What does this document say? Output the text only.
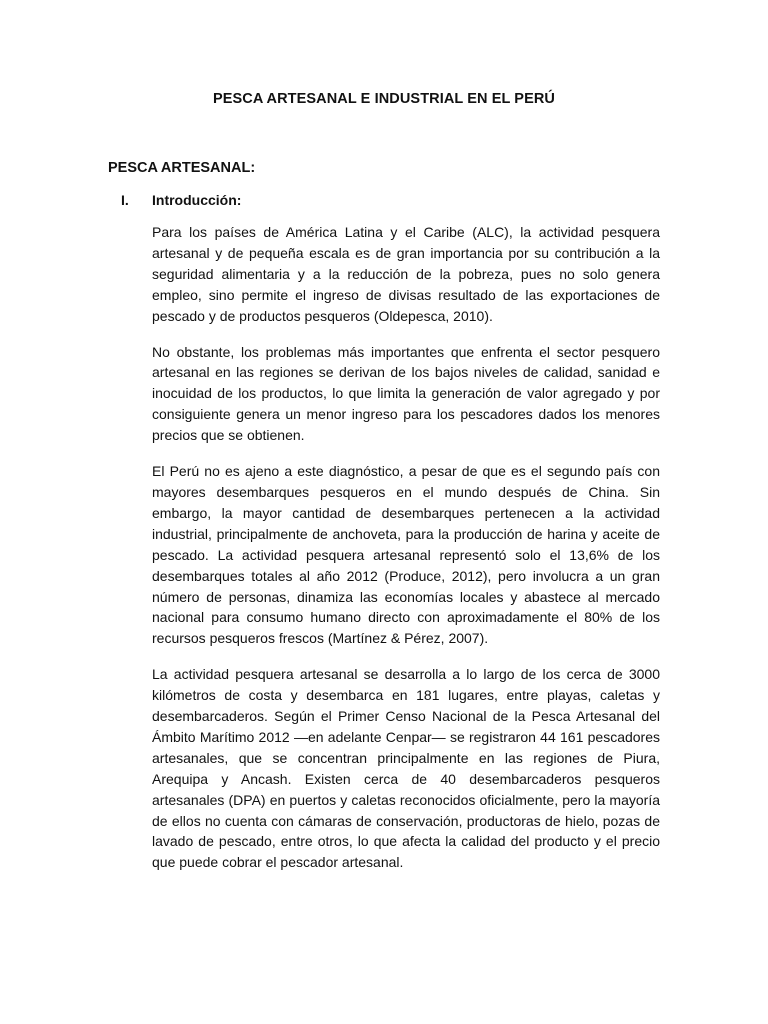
PESCA ARTESANAL E INDUSTRIAL EN EL PERÚ
PESCA ARTESANAL:
I. Introducción:

Para los países de América Latina y el Caribe (ALC), la actividad pesquera artesanal y de pequeña escala es de gran importancia por su contribución a la seguridad alimentaria y a la reducción de la pobreza, pues no solo genera empleo, sino permite el ingreso de divisas resultado de las exportaciones de pescado y de productos pesqueros (Oldepesca, 2010).

No obstante, los problemas más importantes que enfrenta el sector pesquero artesanal en las regiones se derivan de los bajos niveles de calidad, sanidad e inocuidad de los productos, lo que limita la generación de valor agregado y por consiguiente genera un menor ingreso para los pescadores dados los menores precios que se obtienen.

El Perú no es ajeno a este diagnóstico, a pesar de que es el segundo país con mayores desembarques pesqueros en el mundo después de China. Sin embargo, la mayor cantidad de desembarques pertenecen a la actividad industrial, principalmente de anchoveta, para la producción de harina y aceite de pescado. La actividad pesquera artesanal representó solo el 13,6% de los desembarques totales al año 2012 (Produce, 2012), pero involucra a un gran número de personas, dinamiza las economías locales y abastece al mercado nacional para consumo humano directo con aproximadamente el 80% de los recursos pesqueros frescos (Martínez & Pérez, 2007).

La actividad pesquera artesanal se desarrolla a lo largo de los cerca de 3000 kilómetros de costa y desembarca en 181 lugares, entre playas, caletas y desembarcaderos. Según el Primer Censo Nacional de la Pesca Artesanal del Ámbito Marítimo 2012 —en adelante Cenpar— se registraron 44 161 pescadores artesanales, que se concentran principalmente en las regiones de Piura, Arequipa y Ancash. Existen cerca de 40 desembarcaderos pesqueros artesanales (DPA) en puertos y caletas reconocidos oficialmente, pero la mayoría de ellos no cuenta con cámaras de conservación, productoras de hielo, pozas de lavado de pescado, entre otros, lo que afecta la calidad del producto y el precio que puede cobrar el pescador artesanal.
